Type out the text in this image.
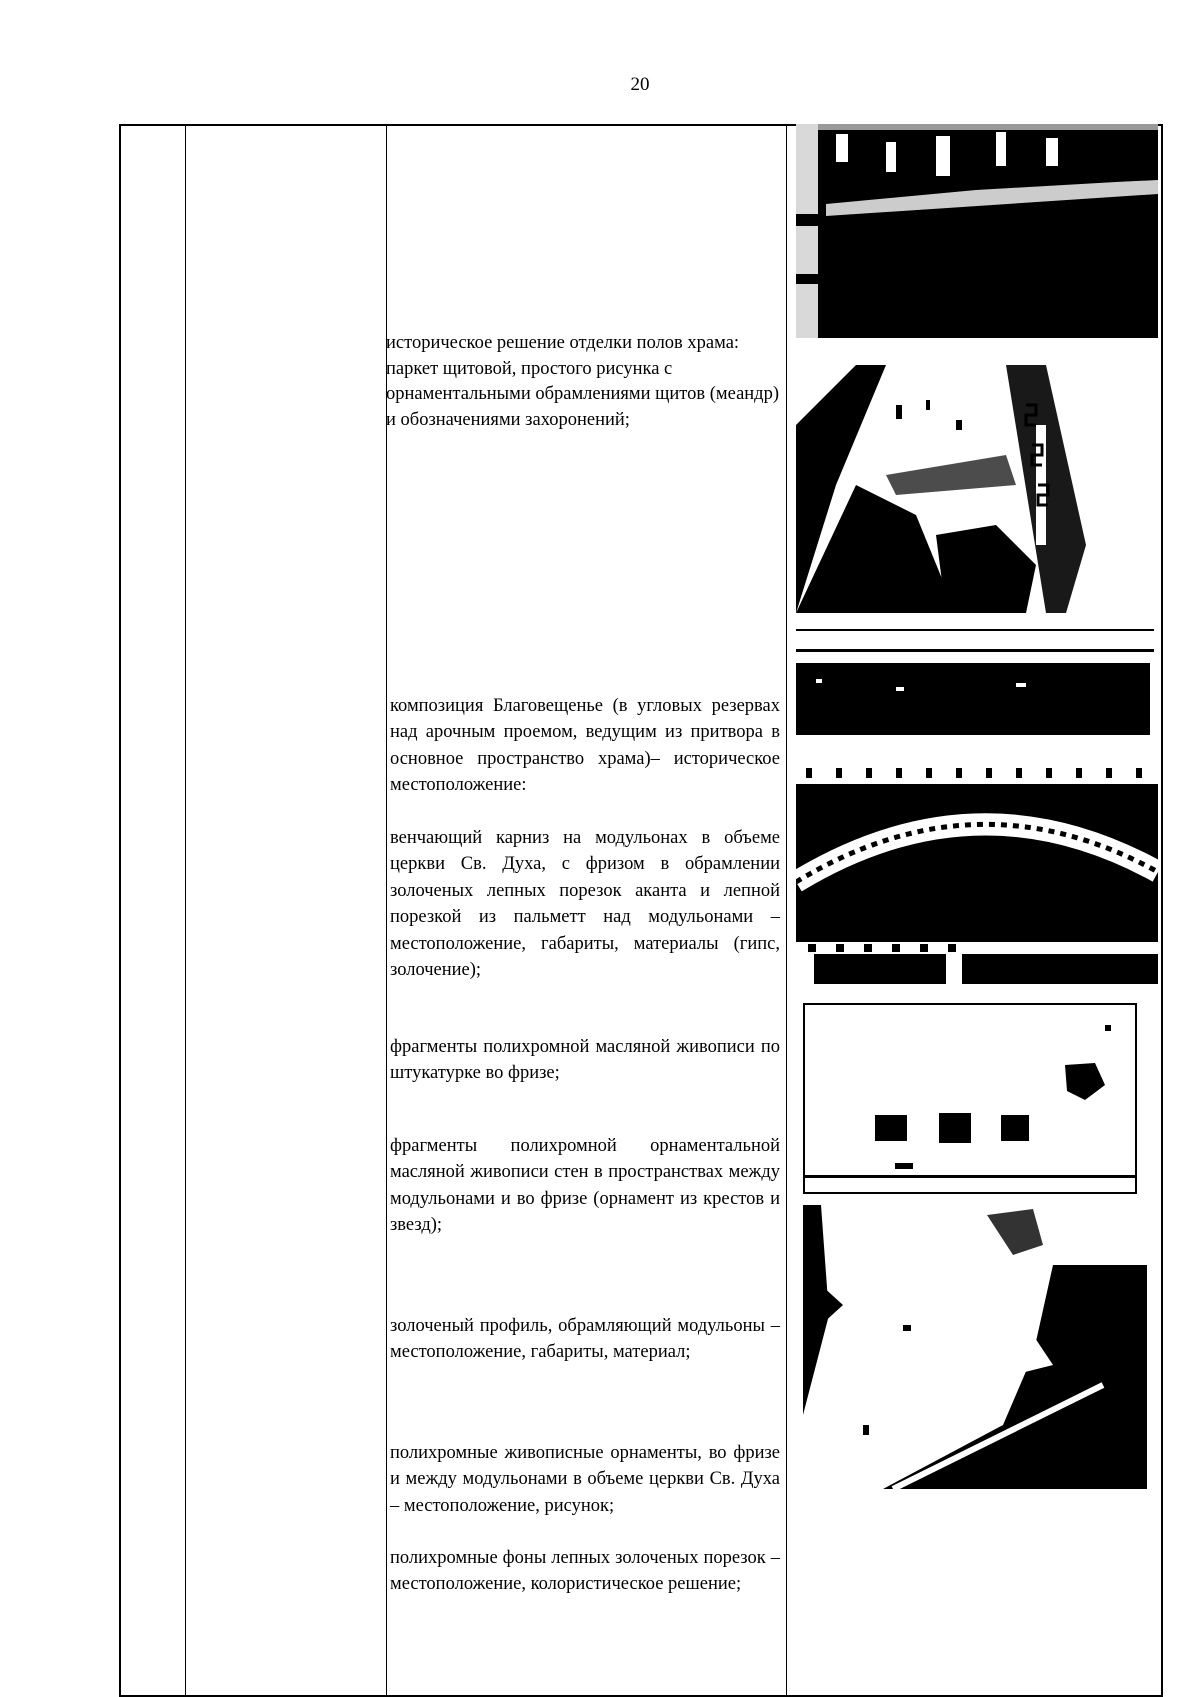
20
историческое решение отделки полов храма: паркет щитовой, простого рисунка с орнаментальными обрамлениями щитов (меандр) и обозначениями захоронений;
композиция Благовещенье (в угловых резервах над арочным проемом, ведущим из притвора в основное пространство храма)– историческое местоположение:
венчающий карниз на модульонах в объеме церкви Св. Духа, с фризом в обрамлении золоченых лепных порезок аканта и лепной порезкой из пальметт над модульонами – местоположение, габариты, материалы (гипс, золочение);
фрагменты полихромной масляной живописи по штукатурке во фризе;
фрагменты полихромной орнаментальной масляной живописи стен в пространствах между модульонами и во фризе (орнамент из крестов и звезд);
золоченый профиль, обрамляющий модульоны – местоположение, габариты, материал;
полихромные живописные орнаменты, во фризе и между модульонами в объеме церкви Св. Духа – местоположение, рисунок;
полихромные фоны лепных золоченых порезок – местоположение, колористическое решение;
